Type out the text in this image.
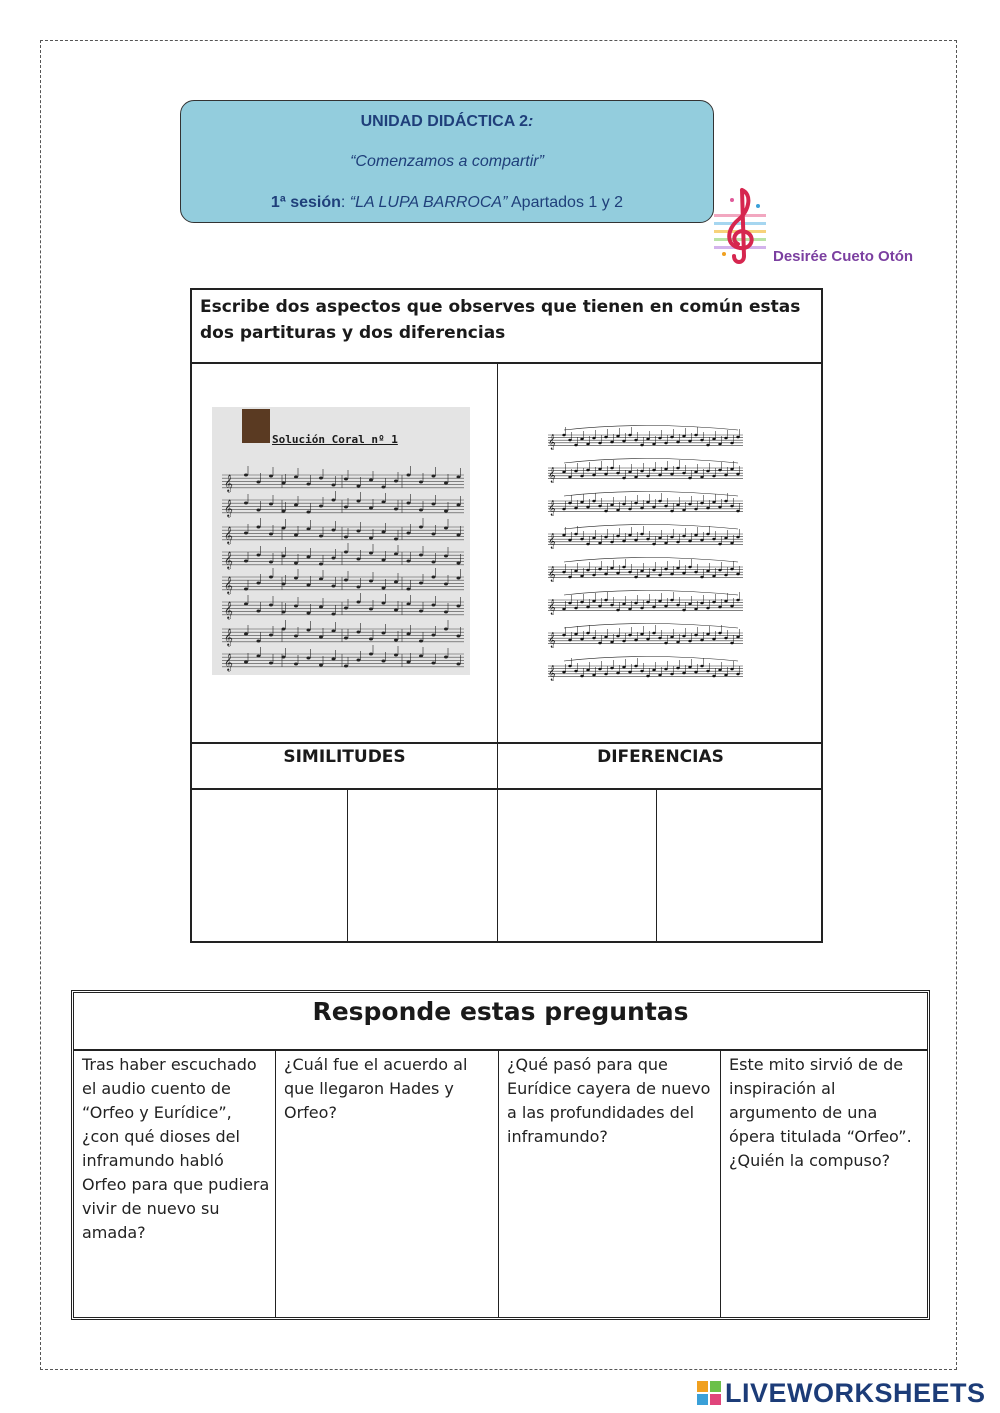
UNIDAD DIDÁCTICA 2:
“Comenzamos a compartir”
1ª sesión: “LA LUPA BARROCA” Apartados 1 y 2
Desirée Cueto Otón
Escribe dos aspectos que observes que tienen en común estas dos partituras y dos diferencias
Solución Coral nº 1
𝄞
𝄞
𝄞
𝄞
𝄞
𝄞
𝄞
𝄞
𝄞
𝄞
𝄞
𝄞
𝄞
𝄞
𝄞
𝄞
SIMILITUDES	DIFERENCIAS
Responde estas preguntas
Tras haber escuchado el audio cuento de “Orfeo y Eurídice”, ¿con qué dioses del inframundo habló Orfeo para que pudiera vivir de nuevo su amada?
¿Cuál fue el acuerdo al que llegaron Hades y Orfeo?
¿Qué pasó para que Eurídice cayera de nuevo a las profundidades del inframundo?
Este mito sirvió de de inspiración al argumento de una ópera titulada “Orfeo”. ¿Quién la compuso?
LIVEWORKSHEETS
